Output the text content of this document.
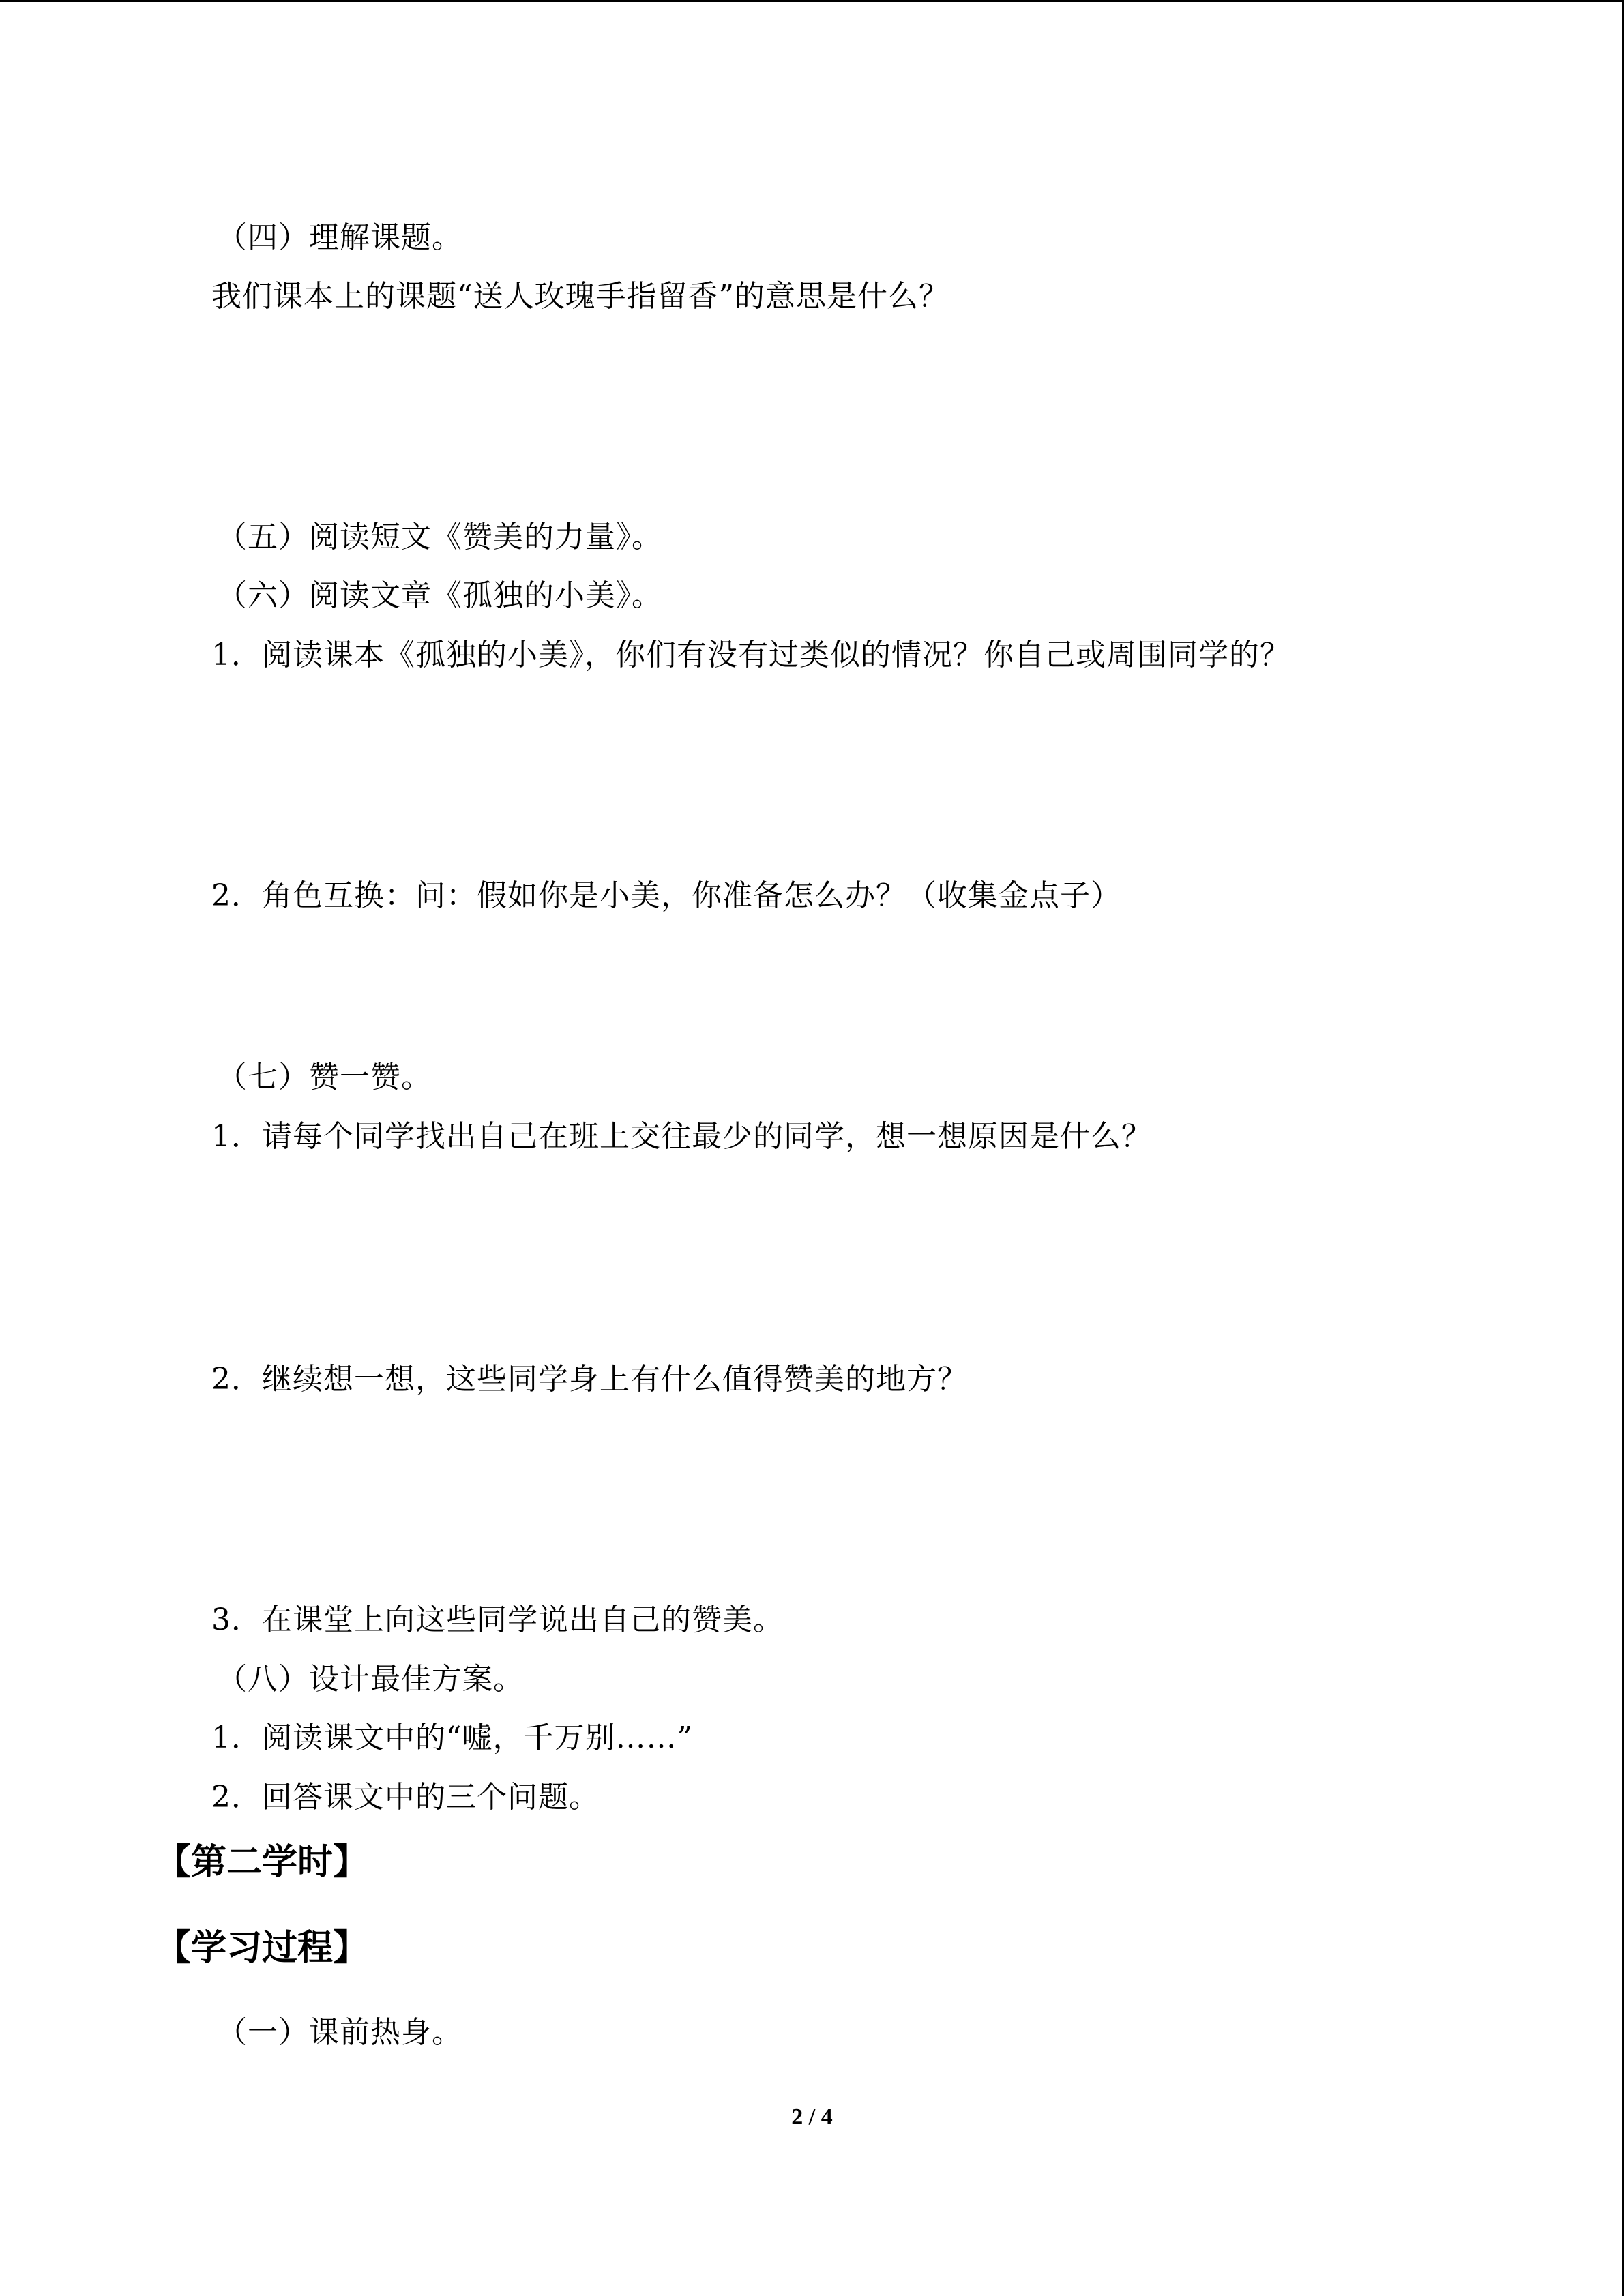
（四）理解课题。
我们课本上的课题“送人玫瑰手指留香”的意思是什么？
（五）阅读短文《赞美的力量》。
（六）阅读文章《孤独的小美》。
1．阅读课本《孤独的小美》，你们有没有过类似的情况？你自己或周围同学的？
2．角色互换：问：假如你是小美，你准备怎么办？（收集金点子）
（七）赞一赞。
1．请每个同学找出自己在班上交往最少的同学，想一想原因是什么？
2．继续想一想，这些同学身上有什么值得赞美的地方？
3．在课堂上向这些同学说出自己的赞美。
（八）设计最佳方案。
1．阅读课文中的“嘘，千万别……”
2．回答课文中的三个问题。
【第二学时】
【学习过程】
（一）课前热身。
2 / 4
